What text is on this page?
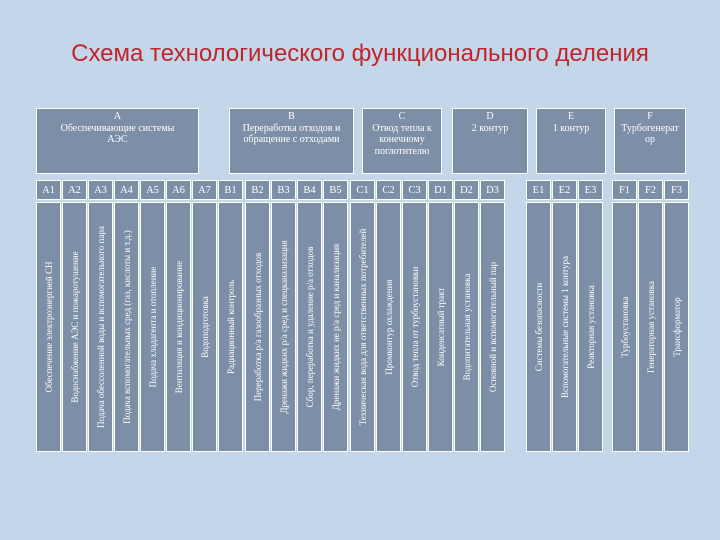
Схема технологического функционального деления
A
Обеспечивающие системы
АЭС
B
Переработка отходов и
обращение с отходами
C
Отвод тепла к
конечному
поглотителю
D
2 контур
E
1 контур
F
Турбогенерат
ор
A1
Обеспечение электроэнергией СН
A2
Водоснабжение АЭС и пожаротушение
A3
Подача обессоленной воды и вспомогательного пара
A4
Подача вспомогательных сред (газ, кислоты и т.д.)
A5
Подача хладагента и отопление
A6
Вентиляция и кондиционирование
A7
Водоподготовка
B1
Радиационный контроль
B2
Переработка р/а газообразных отходов
B3
Дренажи жидких р/а сред и спецканализация
B4
Сбор, переработка и удаление р/а отходов
B5
Дренажи жидких не р/а сред и канализация
C1
Техническая вода для ответственных потребителей
C2
Промконтур охлаждения
C3
Отвод тепла от турбоустановки
D1
Конденсатный тракт
D2
Водопитательная установка
D3
Основной и вспомогательный пар
E1
Системы безопасности
E2
Вспомогательные системы 1 контура
E3
Реакторная установка
F1
Турбоустановка
F2
Генераторная установка
F3
Трансформатор
